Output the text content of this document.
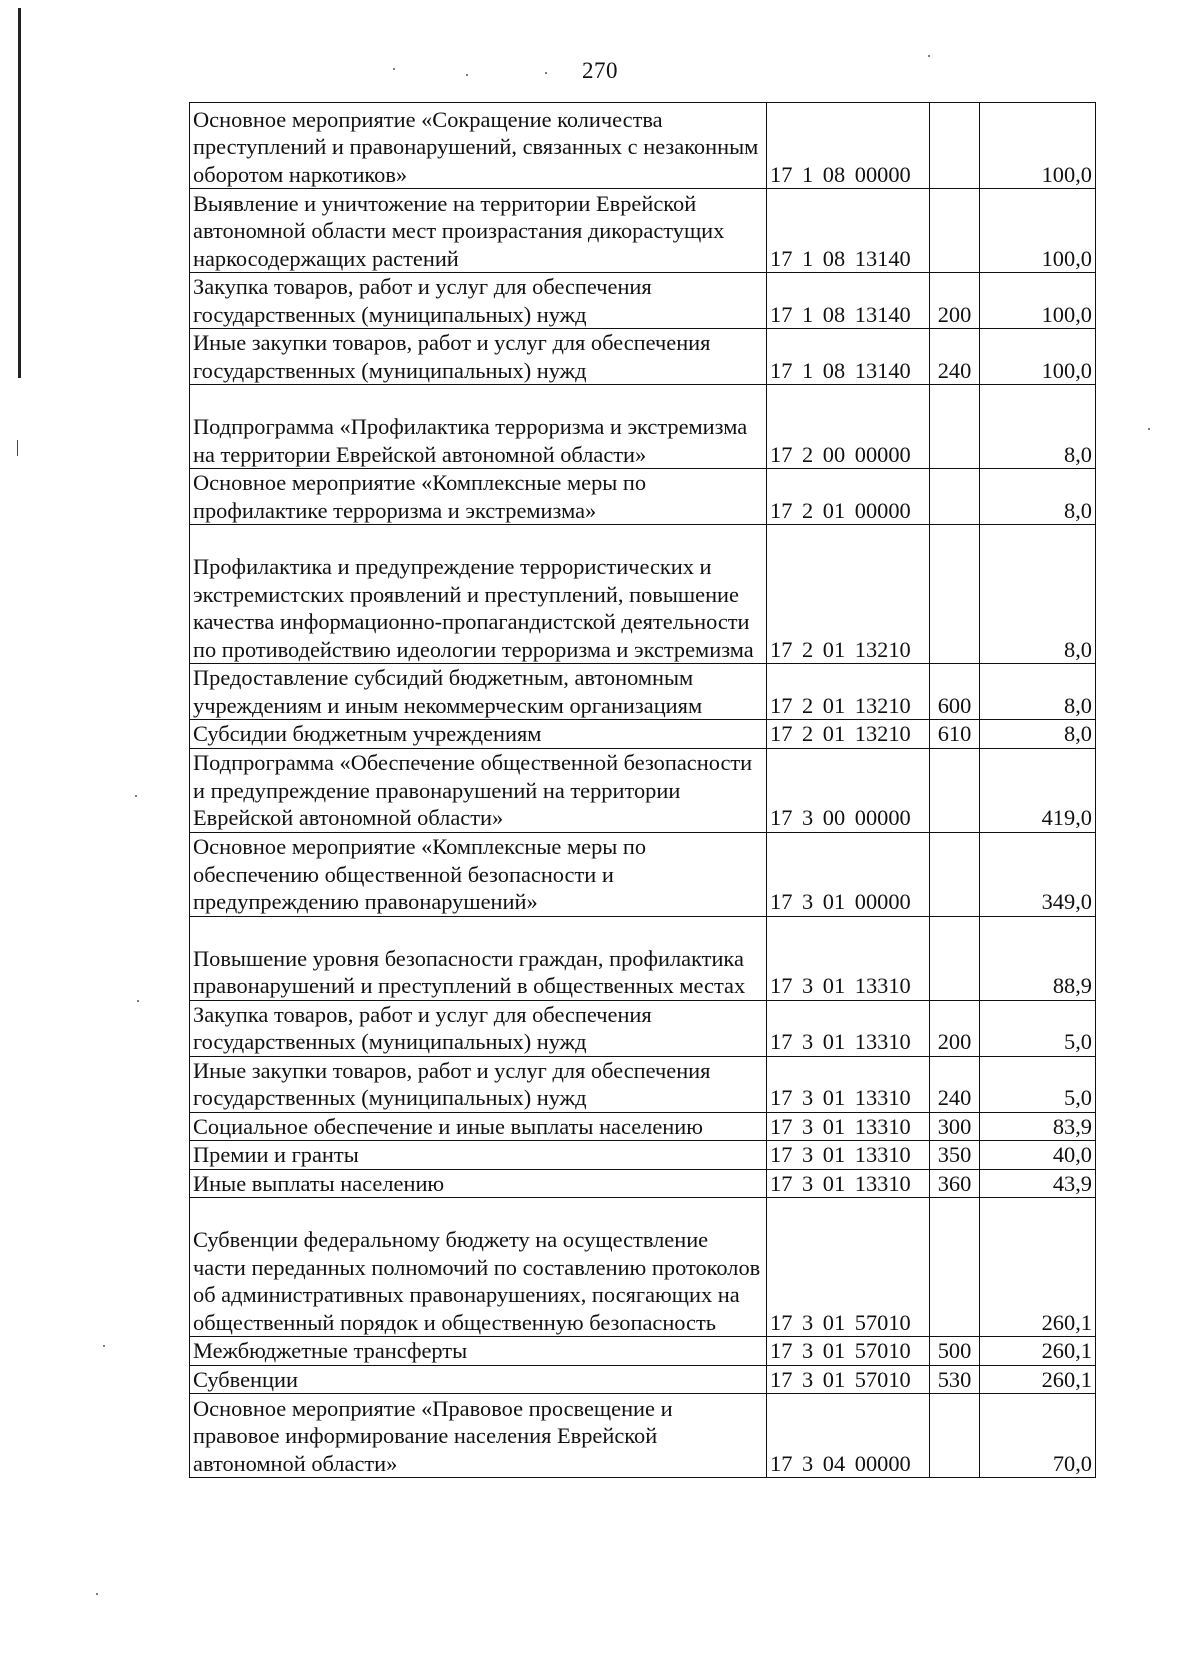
270
Основное мероприятие «Сокращение количества преступлений и правонарушений, связанных с незаконным оборотом наркотиков»	17 1 08 00000		100,0
Выявление и уничтожение на территории Еврейской автономной области мест произрастания дикорастущих наркосодержащих растений	17 1 08 13140		100,0
Закупка товаров, работ и услуг для обеспечения государственных (муниципальных) нужд	17 1 08 13140	200	100,0
Иные закупки товаров, работ и услуг для обеспечения государственных (муниципальных) нужд	17 1 08 13140	240	100,0
Подпрограмма «Профилактика терроризма и экстремизма на территории Еврейской автономной области»	17 2 00 00000		8,0
Основное мероприятие «Комплексные меры по профилактике терроризма и экстремизма»	17 2 01 00000		8,0
Профилактика и предупреждение террористических и экстремистских проявлений и преступлений, повышение качества информационно-пропагандистской деятельности по противодействию идеологии терроризма и экстремизма	17 2 01 13210		8,0
Предоставление субсидий бюджетным, автономным учреждениям и иным некоммерческим организациям	17 2 01 13210	600	8,0
Субсидии бюджетным учреждениям	17 2 01 13210	610	8,0
Подпрограмма «Обеспечение общественной безопасности и предупреждение правонарушений на территории Еврейской автономной области»	17 3 00 00000		419,0
Основное мероприятие «Комплексные меры по обеспечению общественной безопасности и предупреждению правонарушений»	17 3 01 00000		349,0
Повышение уровня безопасности граждан, профилактика правонарушений и преступлений в общественных местах	17 3 01 13310		88,9
Закупка товаров, работ и услуг для обеспечения государственных (муниципальных) нужд	17 3 01 13310	200	5,0
Иные закупки товаров, работ и услуг для обеспечения государственных (муниципальных) нужд	17 3 01 13310	240	5,0
Социальное обеспечение и иные выплаты населению	17 3 01 13310	300	83,9
Премии и гранты	17 3 01 13310	350	40,0
Иные выплаты населению	17 3 01 13310	360	43,9
Субвенции федеральному бюджету на осуществление части переданных полномочий по составлению протоколов об административных правонарушениях, посягающих на общественный порядок и общественную безопасность	17 3 01 57010		260,1
Межбюджетные трансферты	17 3 01 57010	500	260,1
Субвенции	17 3 01 57010	530	260,1
Основное мероприятие «Правовое просвещение и правовое информирование населения Еврейской автономной области»	17 3 04 00000		70,0
